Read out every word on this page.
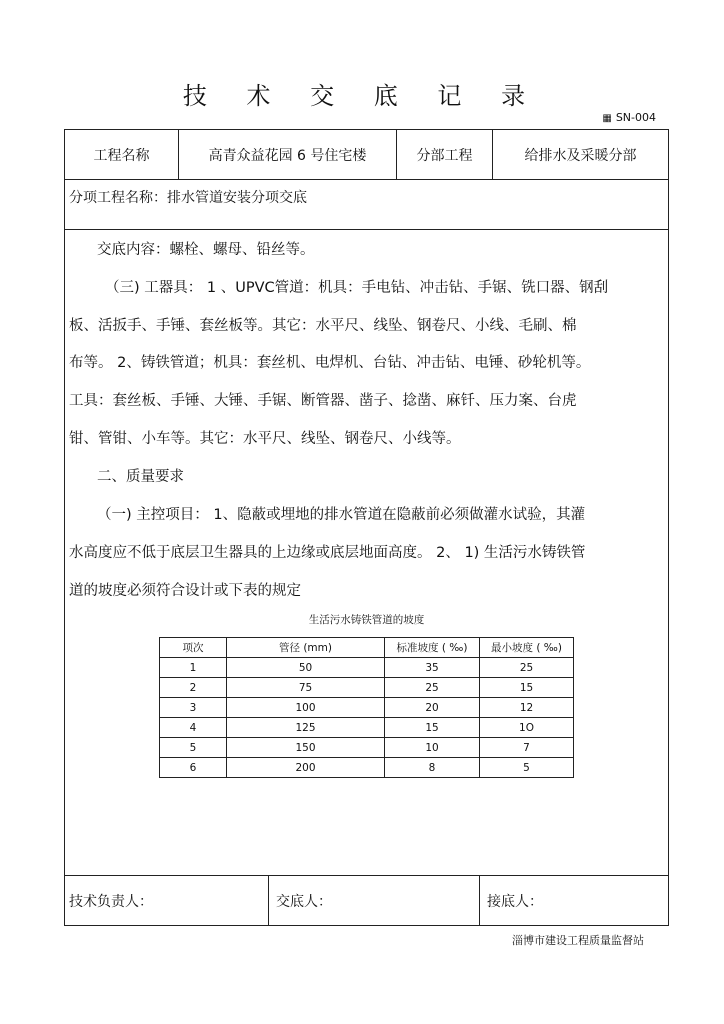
技 术 交 底 记 录
▦ SN-004
工程名称	高青众益花园 6 号住宅楼	分部工程	给排水及采暖分部
分项工程名称：排水管道安装分项交底
交底内容：螺栓、螺母、铅丝等。
（三) 工器具： 1 、UPVC管道：机具：手电钻、冲击钻、手锯、铣口器、钢刮
板、活扳手、手锤、套丝板等。其它：水平尺、线坠、钢卷尺、小线、毛刷、棉
布等。 2、铸铁管道；机具：套丝机、电焊机、台钻、冲击钻、电锤、砂轮机等。
工具：套丝板、手锤、大锤、手锯、断管器、凿子、捻凿、麻钎、压力案、台虎
钳、管钳、小车等。其它：水平尺、线坠、钢卷尺、小线等。
二、质量要求
（一) 主控项目： 1、隐蔽或埋地的排水管道在隐蔽前必须做灌水试验，其灌
水高度应不低于底层卫生器具的上边缘或底层地面高度。 2、 1) 生活污水铸铁管
道的坡度必须符合设计或下表的规定
生活污水铸铁管道的坡度
项次	管径 (mm)	标准坡度 ( ‰)	最小坡度 ( ‰)
1	50	35	25
2	75	25	15
3	100	20	12
4	125	15	1O
5	150	10	7
6	200	8	5
技术负责人：	交底人：	接底人：
淄博市建设工程质量监督站
